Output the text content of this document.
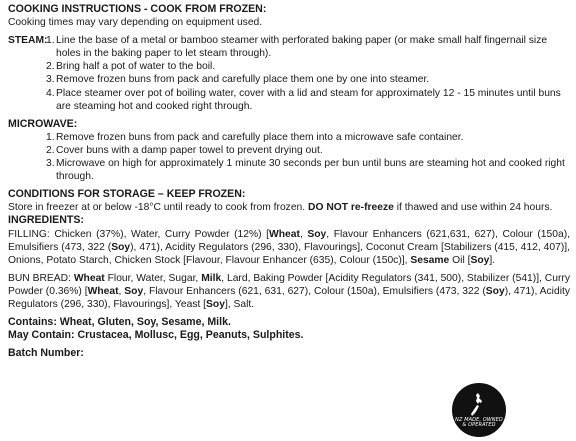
COOKING INSTRUCTIONS - COOK FROM FROZEN:

Cooking times may vary depending on equipment used.

STEAM:
1. Line the base of a metal or bamboo steamer with perforated baking paper (or make small half fingernail size holes in the baking paper to let steam through).
2. Bring half a pot of water to the boil.
3. Remove frozen buns from pack and carefully place them one by one into steamer.
4. Place steamer over pot of boiling water, cover with a lid and steam for approximately 12 - 15 minutes until buns are steaming hot and cooked right through.

MICROWAVE:

1. Remove frozen buns from pack and carefully place them into a microwave safe container.
2. Cover buns with a damp paper towel to prevent drying out.
3. Microwave on high for approximately 1 minute 30 seconds per bun until buns are steaming hot and cooked right through.

CONDITIONS FOR STORAGE – KEEP FROZEN:

Store in freezer at or below -18°C until ready to cook from frozen. DO NOT re-freeze if thawed and use within 24 hours.

INGREDIENTS:

FILLING: Chicken (37%), Water, Curry Powder (12%) [Wheat, Soy, Flavour Enhancers (621,631, 627), Colour (150a), Emulsifiers (473, 322 (Soy), 471), Acidity Regulators (296, 330), Flavourings], Coconut Cream [Stabilizers (415, 412, 407)], Onions, Potato Starch, Chicken Stock [Flavour, Flavour Enhancer (635), Colour (150c)], Sesame Oil [Soy].

BUN BREAD: Wheat Flour, Water, Sugar, Milk, Lard, Baking Powder [Acidity Regulators (341, 500), Stabilizer (541)], Curry Powder (0.36%) [Wheat, Soy, Flavour Enhancers (621, 631, 627), Colour (150a), Emulsifiers (473, 322 (Soy), 471), Acidity Regulators (296, 330), Flavourings], Yeast [Soy], Salt.

Contains: Wheat, Gluten, Soy, Sesame, Milk.

May Contain: Crustacea, Mollusc, Egg, Peanuts, Sulphites.

Batch Number:

NZ MADE, OWNED
& OPERATED
